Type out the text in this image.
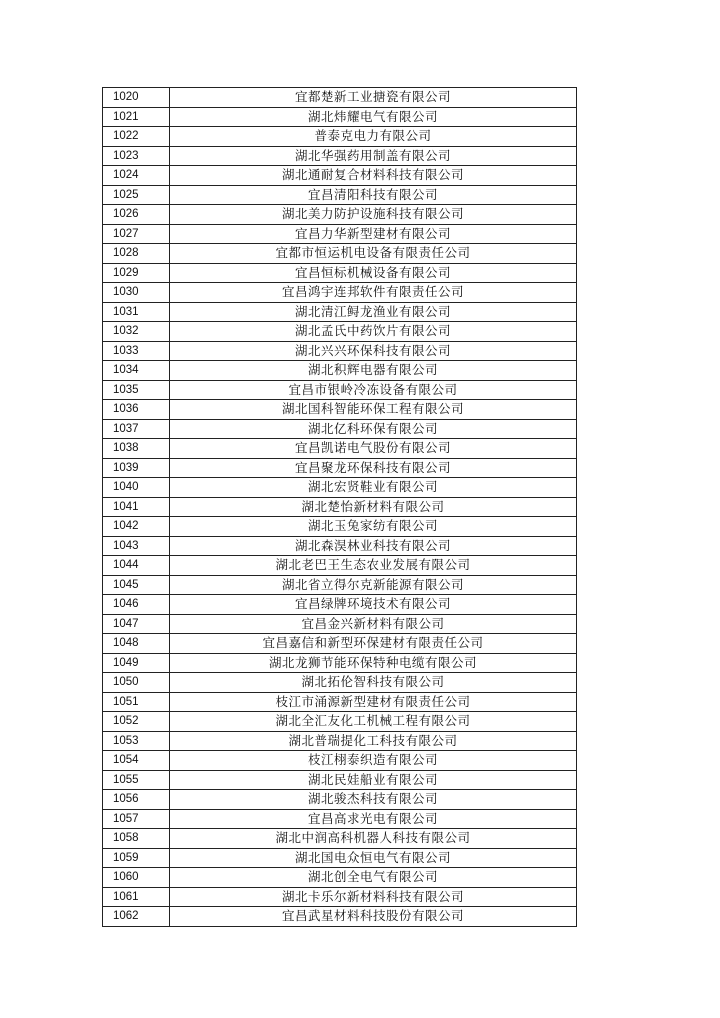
1020	宜都楚新工业搪瓷有限公司
1021	湖北炜耀电气有限公司
1022	普泰克电力有限公司
1023	湖北华强药用制盖有限公司
1024	湖北通耐复合材料科技有限公司
1025	宜昌清阳科技有限公司
1026	湖北美力防护设施科技有限公司
1027	宜昌力华新型建材有限公司
1028	宜都市恒运机电设备有限责任公司
1029	宜昌恒标机械设备有限公司
1030	宜昌鸿宇连邦软件有限责任公司
1031	湖北清江鲟龙渔业有限公司
1032	湖北孟氏中药饮片有限公司
1033	湖北兴兴环保科技有限公司
1034	湖北积辉电器有限公司
1035	宜昌市银岭冷冻设备有限公司
1036	湖北国科智能环保工程有限公司
1037	湖北亿科环保有限公司
1038	宜昌凯诺电气股份有限公司
1039	宜昌聚龙环保科技有限公司
1040	湖北宏贤鞋业有限公司
1041	湖北楚怡新材料有限公司
1042	湖北玉兔家纺有限公司
1043	湖北森淏林业科技有限公司
1044	湖北老巴王生态农业发展有限公司
1045	湖北省立得尔克新能源有限公司
1046	宜昌绿牌环境技术有限公司
1047	宜昌金兴新材料有限公司
1048	宜昌嘉信和新型环保建材有限责任公司
1049	湖北龙狮节能环保特种电缆有限公司
1050	湖北拓伦智科技有限公司
1051	枝江市涌源新型建材有限责任公司
1052	湖北全汇友化工机械工程有限公司
1053	湖北普瑞提化工科技有限公司
1054	枝江栩泰织造有限公司
1055	湖北民娃船业有限公司
1056	湖北骏杰科技有限公司
1057	宜昌高求光电有限公司
1058	湖北中润高科机器人科技有限公司
1059	湖北国电众恒电气有限公司
1060	湖北创全电气有限公司
1061	湖北卡乐尔新材料科技有限公司
1062	宜昌武星材料科技股份有限公司
